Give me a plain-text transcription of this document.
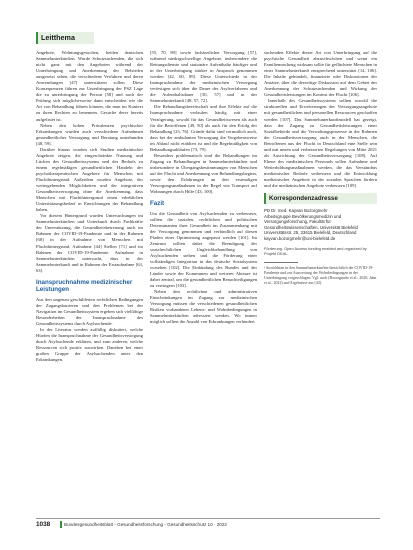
Leitthema

Angebote, Wohnungsgesuchen, beiden deutschen Sammelunterkünften. Wurde Schutzsuchenden, die sich nicht ganz mit den Angeboten während der Unterbringung und Anerkennung der Behörden ausgesetzt sehen, die verschiedene Verfahren und deren Anwendungen [47] unterstützen sollen. Diese Konsequenzen führen zur Unterbringung der PSZ Lage die zu unterbringung der Person [58] und nach der Prüfung sich möglicherweise dann entscheiden wie die Art von Behandlung führen können, die man im Kontext zu ihren Rechten zu benennen. Gesuche derer bereits aufgelistet ist.

Neben den hohen Prävalenzen psychischer Erkrankungen wurden auch verschiedene Aufnahmen gesundheitlicher Versorgung und Beratung unterbunden [48, 59].

Darüber hinaus wurden sich Studien medizinischer Angebote zeigen, die eingeschränkte Nutzung und Lücken des Gesundheitssystems und des Bedarfs zu einem regelmäßigen gesundheitlichen Handeln der psychotherapeutischen Angebote für Menschen mit Fluchthintergrund. Außerdem wurden Angebote, der weitergehenden Möglichkeiten und der integrativen Gesundheitsversorgung ohne die Anerkennung, dass Menschen mit Fluchthintergrund einen erheblichen Unterstützungsbedarf in Einrichtungen der Behandlung haben.

Vor diesem Hintergrund wurden Untersuchungen im Sammelunterkünften und Unterkunft durch Fachkräfte der Unterstützung, die Gesundheitsbetreuung auch im Rahmen der COVID-19-Pandemie und in der Rahmen [68] in der Aufnahme von Menschen mit Fluchthintergrund, Aufnahme [44] Stellen [71] und im Rahmen der COVID-19-Pandemie. Aufnahme in Sammelunterkünften untersucht, dass in der Sammelunterkunft und in Rahmen der Erstaufnahme [63, 63].

Inanspruchnahme medizinischer Leistungen

Aus den ungenau geschilderten rechtlichen Bedingungen der Zugangsbarrieren und den Problemen bei der Navigation im Gesundheitssystem ergeben sich vielfältige Besonderheiten der Inanspruchnahme des Gesundheitssystems durch Asylsuchende.

In der Literatur werden auffällig diskutiert, welche Hürden die Inanspruchnahme der Gesundheitsversorgung durch Asylsuchende erklären, und zum anderen, welche Ressourcen sich positiv auswirken. Daneben bei einer großen Gruppe der Asylsuchenden unter den Erkrankungen.

[55, 70, 89] sowie fachärztlicher Versorgung [57], während niedrigschwellige Angebote, insbesondere die Rettungsdienste und stationäre Aufenthalte häufiger und in der Unterbringung stärker in Anspruch genommen werden [42, 60, 89]. Diese Unterschiede in der Inanspruchnahme der medizinischen Versorgung verfestigen sich über die Dauer des Asylverfahrens und die Aufenthaltsdauer [50, 57] und in der Sammelunterkunft [48, 57, 72].

Die Behandlungsbereitschaft und ihre Effekte auf die Inanspruchnahme verlaufen häufig mit einer Verzögerung, sowohl für das Gesundheitswesen als auch für die Betroffenen [49, 50] als auch für den Erfolg der Behandlung [23, 76]. Gründe dafür sind vermutlich auch, dass bei der ambulanten Versorgung die Vorgehensweise im Ablauf nicht etabliert ist und die Regelmäßigkeit von Behandlungsabläufen [73, 79].

Besonders problematisch sind die Behandlungen im Zugang zu Behandlungen in Sammelunterkünften und insbesondere in Übergangsbestimmungen von Menschen auf der Flucht und Anerkennung von Behandlungsbeginn, sowie den Erfahrungen an den erstmaligen Versorgungsmaßnahmen in der Regel wie Transport auf Wohnungen durch Hilfe [43, 100].

Fazit

Um die Gesundheit von Asylsuchenden zu verbessern, sollten die sozialen, rechtlichen und politischen Determinanten ihrer Gesundheit im Zusammenhang mit der Versorgung genommen und verbindlich auf diesen Pfaden einer Optimierung angepasst werden [101]. Im Zentrum sollten dabei die Beendigung der sozialrechtlichen Ungleichbehandlung von Asylsuchenden stehen und die Förderung einer vollständigen Integration in das deutsche Sozialsystem vorsehen [102]. Die Einbindung des Bundes und der Länder sowie der Kommunen und weiterer Akteure ist dabei zentral, um die gesundheitlichen Benachteiligungen zu verringern [103].

Neben den rechtlichen und administrativen Einschränkungen im Zugang zur medizinischen Versorgung müssen die verschiedenen gesundheitlichen Risiken vorhandener Lebens- und Wohnbedingungen in Sammelunterkünften adressiert werden. Wo immer möglich sollten die Anzahl von Erkrankungen verhindert

suchenden Effekte dieser Art von Unterbringung auf die psychische Gesundheit abzuschwächen und wenn ein Familiennachzug wirksam sollte für geflüchtete Menschen in einer Sammelunterkunft entsprechend unterstützt [14, 106]. Die Inhalte gebündelt, finanzierte oder Diskussionen der Ansätze, über die derzeitige Diskussion auf dem Gebiet der Anerkennung der Schutzsuchenden und Wirkung der Gesundheitsleistungen im Kontext der Flucht [106].

Innerhalb des Gesundheitssystems sollten sowohl die strukturellen und Erweiterungen der Versorgungsangebote mit gesundheitlichen und personellen Ressourcen geschaffen werden [107]. Das Sammelunterkunftmodell hat gezeigt, dass der Zugang zu Gesundheitsleistungen einer Sozialbehörde und die Verwaltungsprozesse in der Rahmen der Gesundheitsversorgung auch in der Menschen, die Betroffenen aus der Flucht in Deutschland eine Stelle sein und mit neuen und verbesserten Regelungen von Mitte 2021 als Ausrichtung der Gesundheitsversorgung [108]. Auf Ebene des medizinischen Personals sollen Aufnahme und Weiterbildungsmaßnahmen werden, die das Verständnis medizinischer Bedarfe verbessern und die Entwicklung medizinischer Angebote in der sozialen Sprachen fördern und die medizinischen Angebote verbessern [109].

Korrespondenzadresse

PD Dr. med. Kayvan Bozorgmehr

Arbeitsgruppe Bevölkerungsmedizin und Versorgungsforschung, Fakultät für Gesundheitswissenschaften, Universität Bielefeld

Universitätsstr. 25, 33615 Bielefeld, Deutschland

kayvan.bozorgmehr@uni-bielefeld.de

Förderung. Open Access funding enabled and organized by Projekt DEAL.

¹ Sozialdaten in den Sammelunterkünften hinsichtlich der COVID-19-Pandemie und zur Auswertung der Wohnbedingungen in der Unterbringung vorgeschlagen. Vgl. auch (Bozorgmehr et al., 2020; Jahn et al., 2022) und Ergebnisse aus [44].

1038	Bundesgesundheitsblatt - Gesundheitsforschung - Gesundheitsschutz 10 · 2022
